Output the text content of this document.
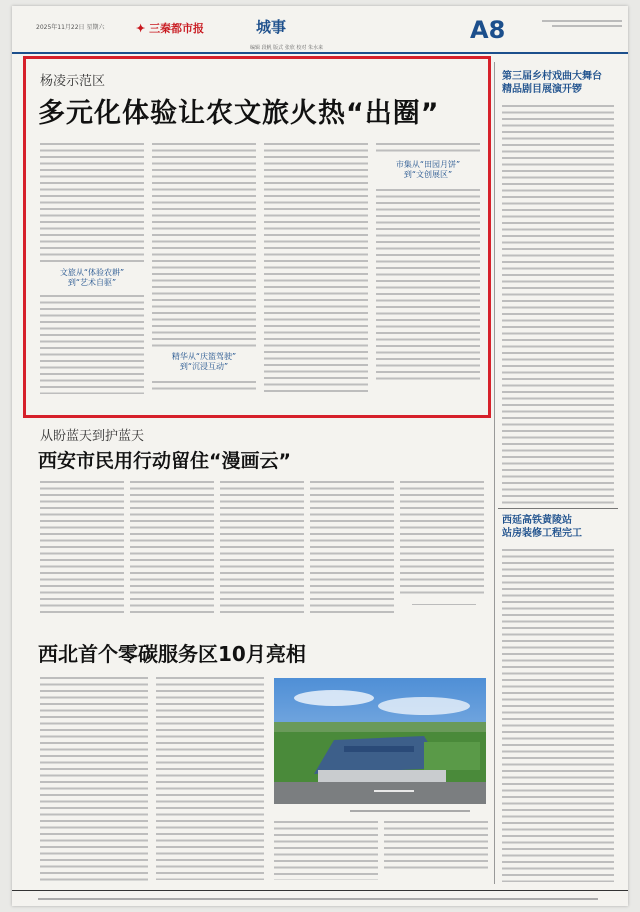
2025年11月22日 星期六	✦ 三秦都市报	城事
编辑 段帆 版式 张欣 校对 朱水来
A8
杨凌示范区
多元化体验让农文旅火热“出圈”
文旅从“体验农耕”
到“艺术自驱”
精华从“庆篮驾驶”
到“沉浸互动”
市集从“田园月饼”
到“文创展区”
从盼蓝天到护蓝天
西安市民用行动留住“漫画云”
西北首个零碳服务区10月亮相
第三届乡村戏曲大舞台
精品剧目展演开锣
西延高铁黄陵站
站房装修工程完工
